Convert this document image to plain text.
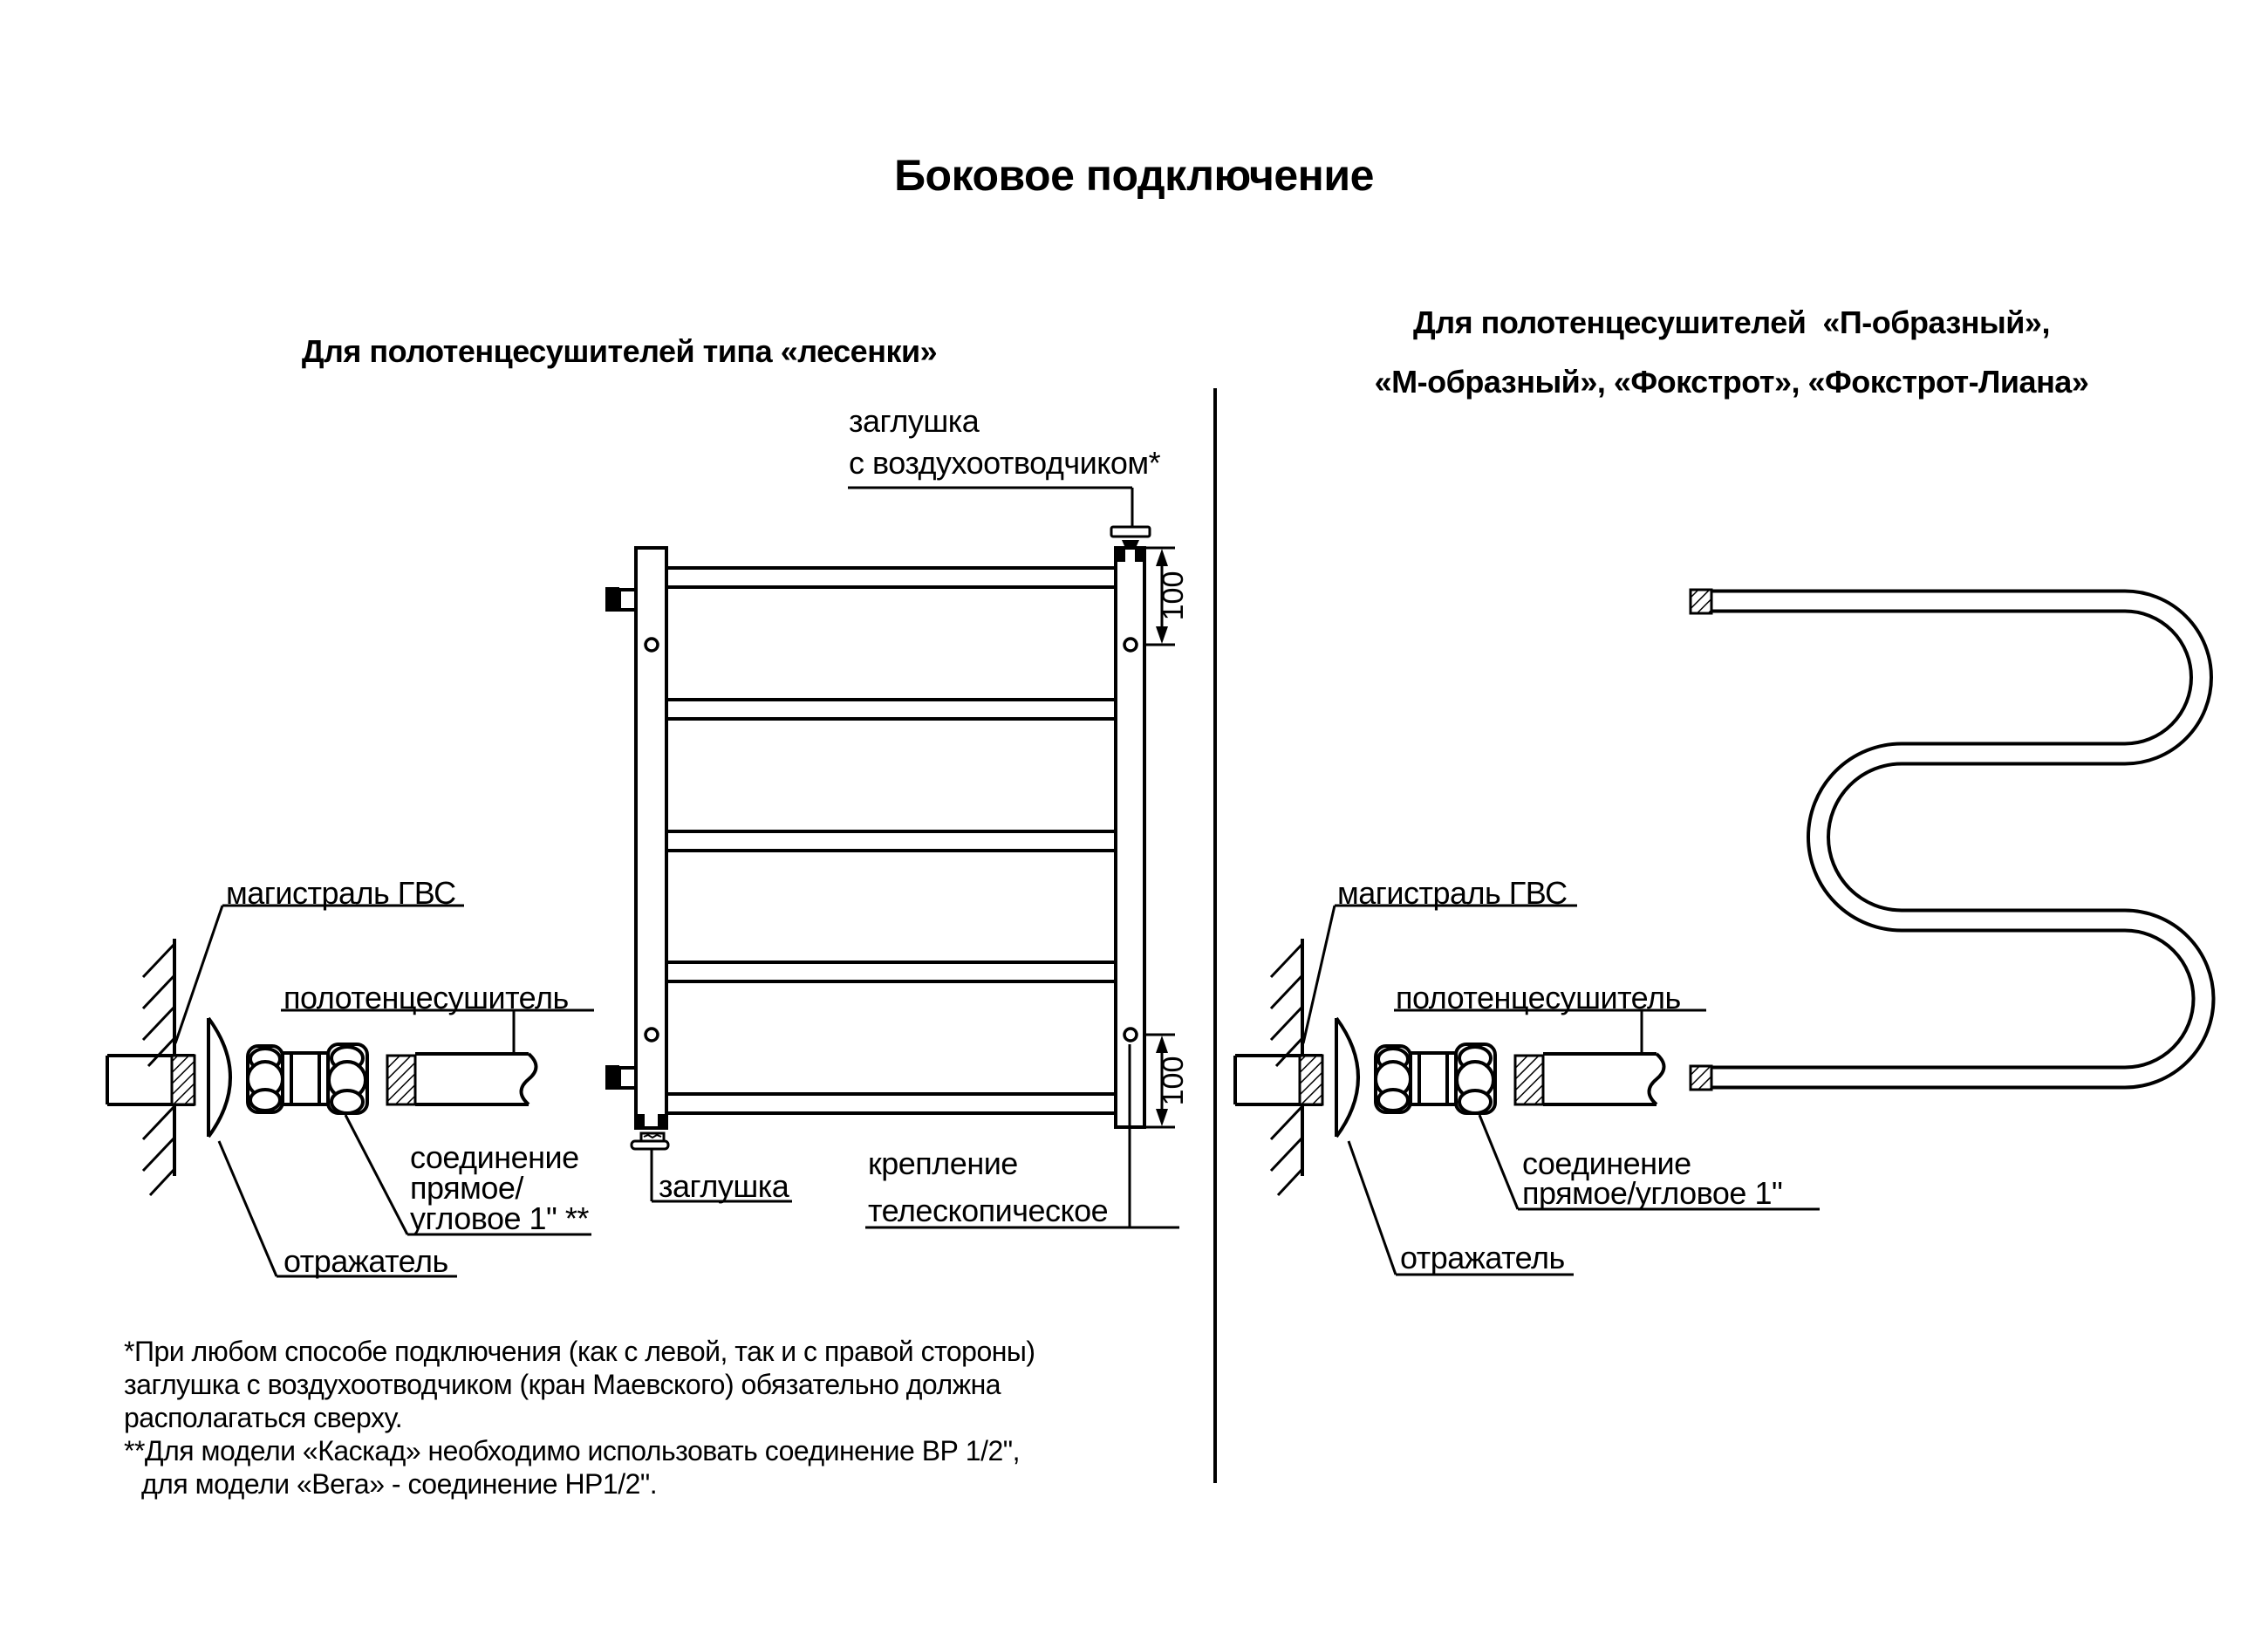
Боковое подключение
Для полотенцесушителей типа «лесенки»
Для полотенцесушителей  «П-образный»,
«М-образный», «Фокстрот», «Фокстрот-Лиана»
заглушка
с воздухоотводчиком*
100
100
магистраль ГВС
полотенцесушитель
соединение
прямое/
угловое 1" **
отражатель
заглушка
крепление
телескопическое
магистраль ГВС
полотенцесушитель
соединение
прямое/угловое 1"
отражатель
*При любом способе подключения (как с левой, так и с правой стороны)
заглушка с воздухоотводчиком (кран Маевского) обязательно должна
располагаться сверху.
**Для модели «Каскад» необходимо использовать соединение ВР 1/2",
для модели «Вега» - соединение НР1/2".
